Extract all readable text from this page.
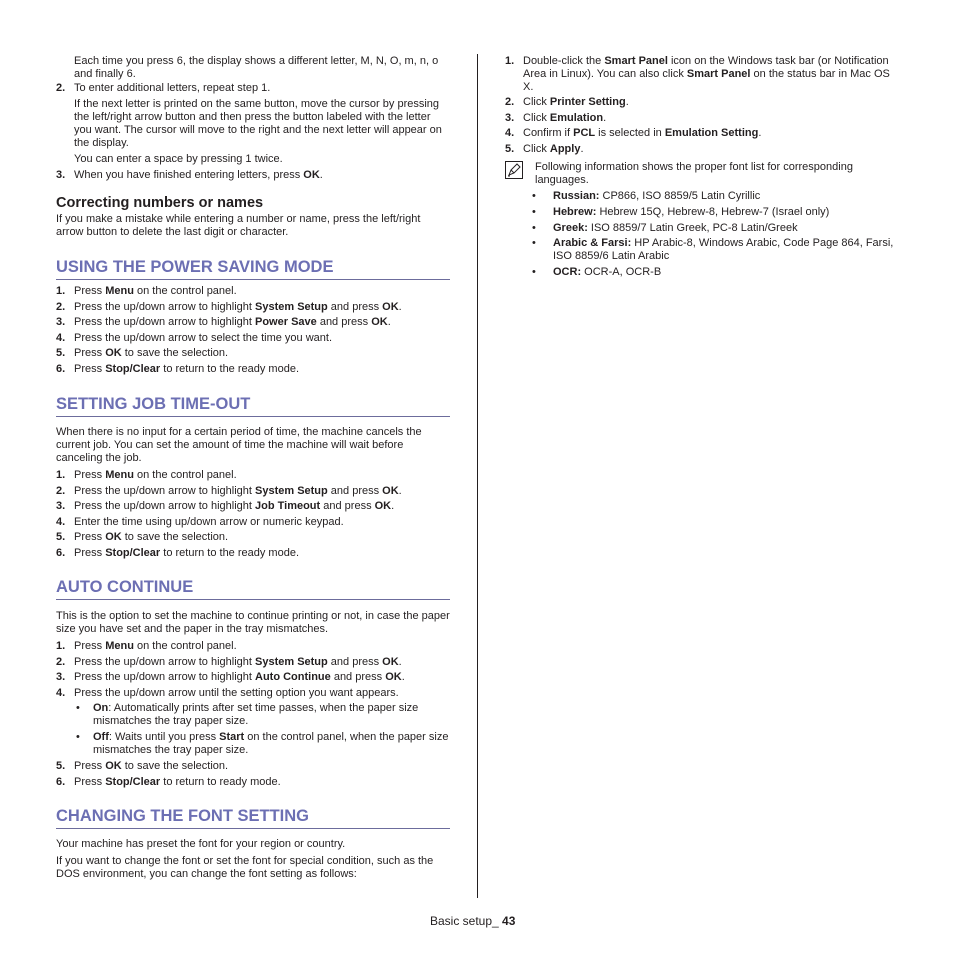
Each time you press 6, the display shows a different letter, M, N, O, m, n, o and finally 6.
2. To enter additional letters, repeat step 1.
If the next letter is printed on the same button, move the cursor by pressing the left/right arrow button and then press the button labeled with the letter you want. The cursor will move to the right and the next letter will appear on the display.
You can enter a space by pressing 1 twice.
3. When you have finished entering letters, press OK.
Correcting numbers or names
If you make a mistake while entering a number or name, press the left/right arrow button to delete the last digit or character.
USING THE POWER SAVING MODE
1. Press Menu on the control panel.
2. Press the up/down arrow to highlight System Setup and press OK.
3. Press the up/down arrow to highlight Power Save and press OK.
4. Press the up/down arrow to select the time you want.
5. Press OK to save the selection.
6. Press Stop/Clear to return to the ready mode.
SETTING JOB TIME-OUT
When there is no input for a certain period of time, the machine cancels the current job. You can set the amount of time the machine will wait before canceling the job.
1. Press Menu on the control panel.
2. Press the up/down arrow to highlight System Setup and press OK.
3. Press the up/down arrow to highlight Job Timeout and press OK.
4. Enter the time using up/down arrow or numeric keypad.
5. Press OK to save the selection.
6. Press Stop/Clear to return to the ready mode.
AUTO CONTINUE
This is the option to set the machine to continue printing or not, in case the paper size you have set and the paper in the tray mismatches.
1. Press Menu on the control panel.
2. Press the up/down arrow to highlight System Setup and press OK.
3. Press the up/down arrow to highlight Auto Continue and press OK.
4. Press the up/down arrow until the setting option you want appears.
• On: Automatically prints after set time passes, when the paper size mismatches the tray paper size.
• Off: Waits until you press Start on the control panel, when the paper size mismatches the tray paper size.
5. Press OK to save the selection.
6. Press Stop/Clear to return to ready mode.
CHANGING THE FONT SETTING
Your machine has preset the font for your region or country.
If you want to change the font or set the font for special condition, such as the DOS environment, you can change the font setting as follows:
1. Double-click the Smart Panel icon on the Windows task bar (or Notification Area in Linux). You can also click Smart Panel on the status bar in Mac OS X.
2. Click Printer Setting.
3. Click Emulation.
4. Confirm if PCL is selected in Emulation Setting.
5. Click Apply.
Following information shows the proper font list for corresponding languages.
• Russian: CP866, ISO 8859/5 Latin Cyrillic
• Hebrew: Hebrew 15Q, Hebrew-8, Hebrew-7 (Israel only)
• Greek: ISO 8859/7 Latin Greek, PC-8 Latin/Greek
• Arabic & Farsi: HP Arabic-8, Windows Arabic, Code Page 864, Farsi, ISO 8859/6 Latin Arabic
• OCR: OCR-A, OCR-B
Basic setup_ 43
